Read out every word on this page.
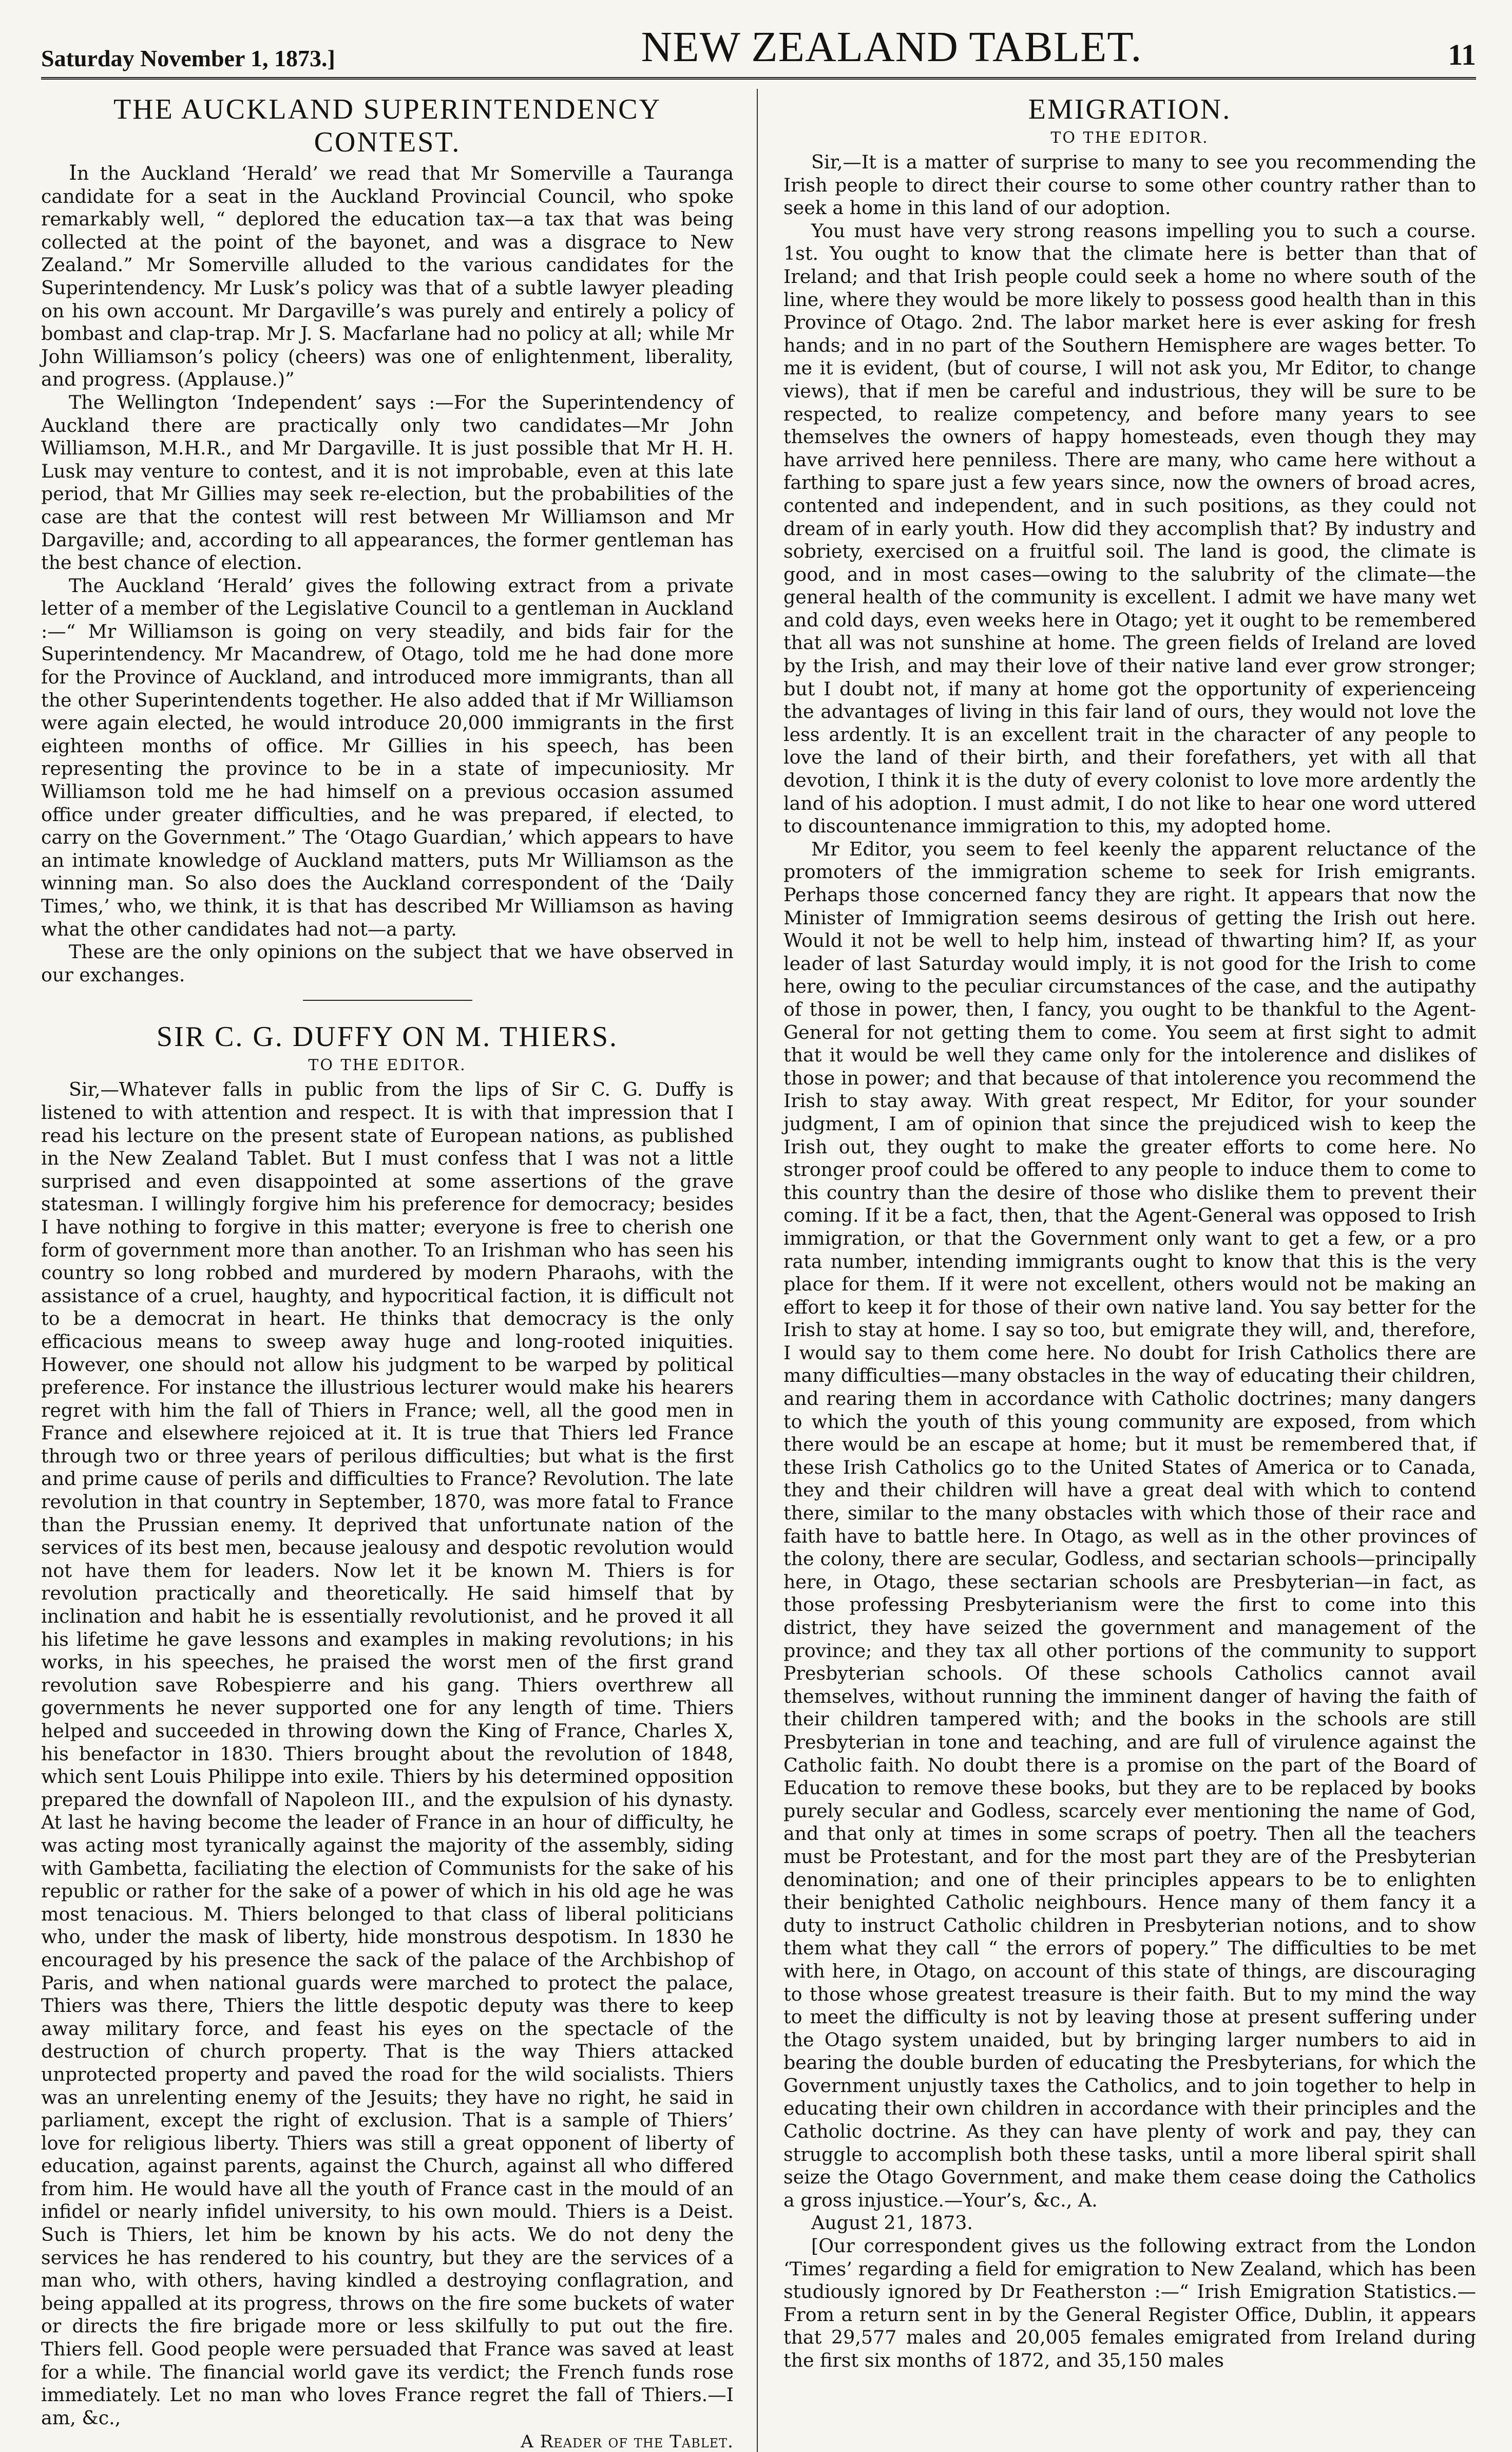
Saturday November 1, 1873.]	NEW ZEALAND TABLET.	11
THE AUCKLAND SUPERINTENDENCY CONTEST.

In the Auckland ‘Herald’ we read that Mr Somerville a Tauranga candidate for a seat in the Auckland Provincial Council, who spoke remarkably well, “ deplored the education tax—a tax that was being collected at the point of the bayonet, and was a disgrace to New Zealand.” Mr Somerville alluded to the various candidates for the Superintendency. Mr Lusk’s policy was that of a subtle lawyer pleading on his own account. Mr Dargaville’s was purely and entirely a policy of bombast and clap-trap. Mr J. S. Macfarlane had no policy at all; while Mr John Williamson’s policy (cheers) was one of enlightenment, liberality, and progress. (Applause.)”

The Wellington ‘Independent’ says :—For the Superintendency of Auckland there are practically only two candidates—Mr John Williamson, M.H.R., and Mr Dargaville. It is just possible that Mr H. H. Lusk may venture to contest, and it is not improbable, even at this late period, that Mr Gillies may seek re-election, but the probabilities of the case are that the contest will rest between Mr Williamson and Mr Dargaville; and, according to all appearances, the former gentleman has the best chance of election.

The Auckland ‘Herald’ gives the following extract from a private letter of a member of the Legislative Council to a gentleman in Auckland :—“ Mr Williamson is going on very steadily, and bids fair for the Superintendency. Mr Macandrew, of Otago, told me he had done more for the Province of Auckland, and introduced more immigrants, than all the other Superintendents together. He also added that if Mr Williamson were again elected, he would introduce 20,000 immigrants in the first eighteen months of office. Mr Gillies in his speech, has been representing the province to be in a state of impecuniosity. Mr Williamson told me he had himself on a previous occasion assumed office under greater difficulties, and he was prepared, if elected, to carry on the Government.” The ‘Otago Guardian,’ which appears to have an intimate knowledge of Auckland matters, puts Mr Williamson as the winning man. So also does the Auckland correspondent of the ‘Daily Times,’ who, we think, it is that has described Mr Williamson as having what the other candidates had not—a party.

These are the only opinions on the subject that we have observed in our exchanges.

SIR C. G. DUFFY ON M. THIERS.
TO THE EDITOR.

Sir,—Whatever falls in public from the lips of Sir C. G. Duffy is listened to with attention and respect. It is with that impression that I read his lecture on the present state of European nations, as published in the New Zealand Tablet. But I must confess that I was not a little surprised and even disappointed at some assertions of the grave statesman. I willingly forgive him his preference for democracy; besides I have nothing to forgive in this matter; everyone is free to cherish one form of government more than another. To an Irishman who has seen his country so long robbed and murdered by modern Pharaohs, with the assistance of a cruel, haughty, and hypocritical faction, it is difficult not to be a democrat in heart. He thinks that democracy is the only efficacious means to sweep away huge and long-rooted iniquities. However, one should not allow his judgment to be warped by political preference. For instance the illustrious lecturer would make his hearers regret with him the fall of Thiers in France; well, all the good men in France and elsewhere rejoiced at it. It is true that Thiers led France through two or three years of perilous difficulties; but what is the first and prime cause of perils and difficulties to France? Revolution. The late revolution in that country in September, 1870, was more fatal to France than the Prussian enemy. It deprived that unfortunate nation of the services of its best men, because jealousy and despotic revolution would not have them for leaders. Now let it be known M. Thiers is for revolution practically and theoretically. He said himself that by inclination and habit he is essentially revolutionist, and he proved it all his lifetime he gave lessons and examples in making revolutions; in his works, in his speeches, he praised the worst men of the first grand revolution save Robespierre and his gang. Thiers overthrew all governments he never supported one for any length of time. Thiers helped and succeeded in throwing down the King of France, Charles X, his benefactor in 1830. Thiers brought about the revolution of 1848, which sent Louis Philippe into exile. Thiers by his determined opposition prepared the downfall of Napoleon III., and the expulsion of his dynasty. At last he having become the leader of France in an hour of difficulty, he was acting most tyranically against the majority of the assembly, siding with Gambetta, faciliating the election of Communists for the sake of his republic or rather for the sake of a power of which in his old age he was most tenacious. M. Thiers belonged to that class of liberal politicians who, under the mask of liberty, hide monstrous despotism. In 1830 he encouraged by his presence the sack of the palace of the Archbishop of Paris, and when national guards were marched to protect the palace, Thiers was there, Thiers the little despotic deputy was there to keep away military force, and feast his eyes on the spectacle of the destruction of church property. That is the way Thiers attacked unprotected property and paved the road for the wild socialists. Thiers was an unrelenting enemy of the Jesuits; they have no right, he said in parliament, except the right of exclusion. That is a sample of Thiers’ love for religious liberty. Thiers was still a great opponent of liberty of education, against parents, against the Church, against all who differed from him. He would have all the youth of France cast in the mould of an infidel or nearly infidel university, to his own mould. Thiers is a Deist. Such is Thiers, let him be known by his acts. We do not deny the services he has rendered to his country, but they are the services of a man who, with others, having kindled a destroying conflagration, and being appalled at its progress, throws on the fire some buckets of water or directs the fire brigade more or less skilfully to put out the fire. Thiers fell. Good people were persuaded that France was saved at least for a while. The financial world gave its verdict; the French funds rose immediately. Let no man who loves France regret the fall of Thiers.—I am, &c.,

A Reader of the Tablet.
EMIGRATION.
TO THE EDITOR.

Sir,—It is a matter of surprise to many to see you recommending the Irish people to direct their course to some other country rather than to seek a home in this land of our adoption.

You must have very strong reasons impelling you to such a course. 1st. You ought to know that the climate here is better than that of Ireland; and that Irish people could seek a home no where south of the line, where they would be more likely to possess good health than in this Province of Otago. 2nd. The labor market here is ever asking for fresh hands; and in no part of the Southern Hemisphere are wages better. To me it is evident, (but of course, I will not ask you, Mr Editor, to change views), that if men be careful and industrious, they will be sure to be respected, to realize competency, and before many years to see themselves the owners of happy homesteads, even though they may have arrived here penniless. There are many, who came here without a farthing to spare just a few years since, now the owners of broad acres, contented and independent, and in such positions, as they could not dream of in early youth. How did they accomplish that? By industry and sobriety, exercised on a fruitful soil. The land is good, the climate is good, and in most cases—owing to the salubrity of the climate—the general health of the community is excellent. I admit we have many wet and cold days, even weeks here in Otago; yet it ought to be remembered that all was not sunshine at home. The green fields of Ireland are loved by the Irish, and may their love of their native land ever grow stronger; but I doubt not, if many at home got the opportunity of experienceing the advantages of living in this fair land of ours, they would not love the less ardently. It is an excellent trait in the character of any people to love the land of their birth, and their forefathers, yet with all that devotion, I think it is the duty of every colonist to love more ardently the land of his adoption. I must admit, I do not like to hear one word uttered to discountenance immigration to this, my adopted home.

Mr Editor, you seem to feel keenly the apparent reluctance of the promoters of the immigration scheme to seek for Irish emigrants. Perhaps those concerned fancy they are right. It appears that now the Minister of Immigration seems desirous of getting the Irish out here. Would it not be well to help him, instead of thwarting him? If, as your leader of last Saturday would imply, it is not good for the Irish to come here, owing to the peculiar circumstances of the case, and the autipathy of those in power, then, I fancy, you ought to be thankful to the Agent-General for not getting them to come. You seem at first sight to admit that it would be well they came only for the intolerence and dislikes of those in power; and that because of that intolerence you recommend the Irish to stay away. With great respect, Mr Editor, for your sounder judgment, I am of opinion that since the prejudiced wish to keep the Irish out, they ought to make the greater efforts to come here. No stronger proof could be offered to any people to induce them to come to this country than the desire of those who dislike them to prevent their coming. If it be a fact, then, that the Agent-General was opposed to Irish immigration, or that the Government only want to get a few, or a pro rata number, intending immigrants ought to know that this is the very place for them. If it were not excellent, others would not be making an effort to keep it for those of their own native land. You say better for the Irish to stay at home. I say so too, but emigrate they will, and, therefore, I would say to them come here. No doubt for Irish Catholics there are many difficulties—many obstacles in the way of educating their children, and rearing them in accordance with Catholic doctrines; many dangers to which the youth of this young community are exposed, from which there would be an escape at home; but it must be remembered that, if these Irish Catholics go to the United States of America or to Canada, they and their children will have a great deal with which to contend there, similar to the many obstacles with which those of their race and faith have to battle here. In Otago, as well as in the other provinces of the colony, there are secular, Godless, and sectarian schools—principally here, in Otago, these sectarian schools are Presbyterian—in fact, as those professing Presbyterianism were the first to come into this district, they have seized the government and management of the province; and they tax all other portions of the community to support Presbyterian schools. Of these schools Catholics cannot avail themselves, without running the imminent danger of having the faith of their children tampered with; and the books in the schools are still Presbyterian in tone and teaching, and are full of virulence against the Catholic faith. No doubt there is a promise on the part of the Board of Education to remove these books, but they are to be replaced by books purely secular and Godless, scarcely ever mentioning the name of God, and that only at times in some scraps of poetry. Then all the teachers must be Protestant, and for the most part they are of the Presbyterian denomination; and one of their principles appears to be to enlighten their benighted Catholic neighbours. Hence many of them fancy it a duty to instruct Catholic children in Presbyterian notions, and to show them what they call “ the errors of popery.” The difficulties to be met with here, in Otago, on account of this state of things, are discouraging to those whose greatest treasure is their faith. But to my mind the way to meet the difficulty is not by leaving those at present suffering under the Otago system unaided, but by bringing larger numbers to aid in bearing the double burden of educating the Presbyterians, for which the Government unjustly taxes the Catholics, and to join together to help in educating their own children in accordance with their principles and the Catholic doctrine. As they can have plenty of work and pay, they can struggle to accomplish both these tasks, until a more liberal spirit shall seize the Otago Government, and make them cease doing the Catholics a gross injustice.—Your’s, &c., A.

August 21, 1873.

[Our correspondent gives us the following extract from the London ‘Times’ regarding a field for emigration to New Zealand, which has been studiously ignored by Dr Featherston :—“ Irish Emigration Statistics.—From a return sent in by the General Register Office, Dublin, it appears that 29,577 males and 20,005 females emigrated from Ireland during the first six months of 1872, and 35,150 males
